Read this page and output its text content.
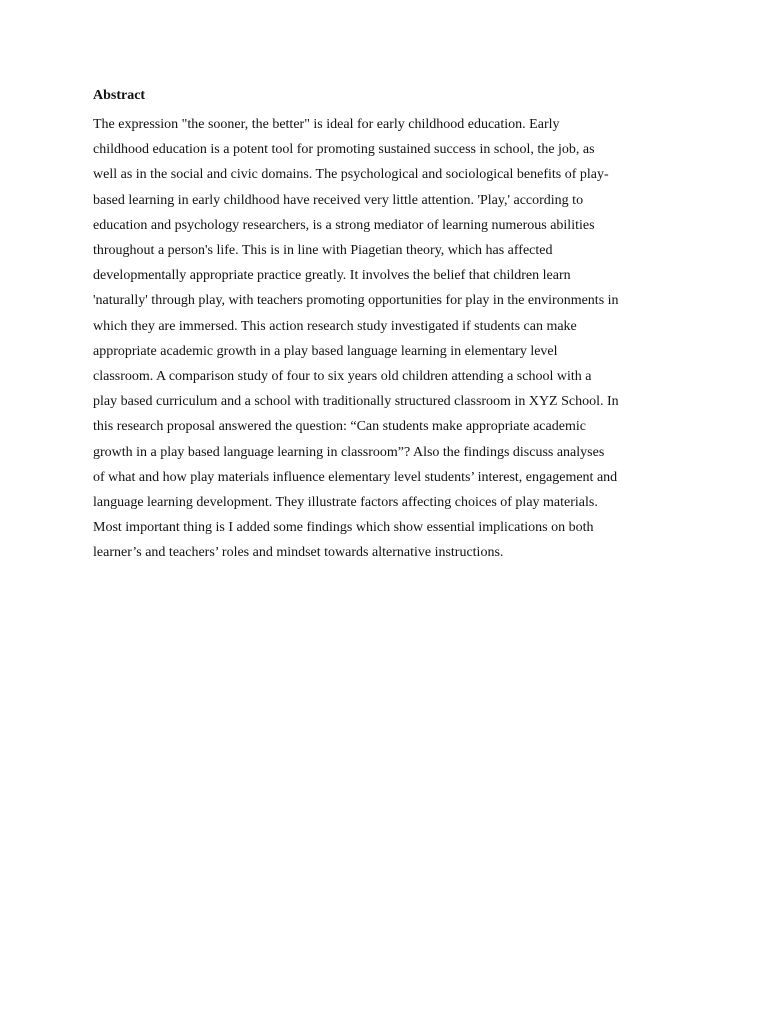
Abstract

The expression "the sooner, the better" is ideal for early childhood education. Early
childhood education is a potent tool for promoting sustained success in school, the job, as
well as in the social and civic domains. The psychological and sociological benefits of play-
based learning in early childhood have received very little attention. 'Play,' according to
education and psychology researchers, is a strong mediator of learning numerous abilities
throughout a person's life. This is in line with Piagetian theory, which has affected
developmentally appropriate practice greatly. It involves the belief that children learn
'naturally' through play, with teachers promoting opportunities for play in the environments in
which they are immersed. This action research study investigated if students can make
appropriate academic growth in a play based language learning in elementary level
classroom. A comparison study of four to six years old children attending a school with a
play based curriculum and a school with traditionally structured classroom in XYZ School. In
this research proposal answered the question: “Can students make appropriate academic
growth in a play based language learning in classroom”? Also the findings discuss analyses
of what and how play materials influence elementary level students’ interest, engagement and
language learning development. They illustrate factors affecting choices of play materials.
Most important thing is I added some findings which show essential implications on both
learner’s and teachers’ roles and mindset towards alternative instructions.
